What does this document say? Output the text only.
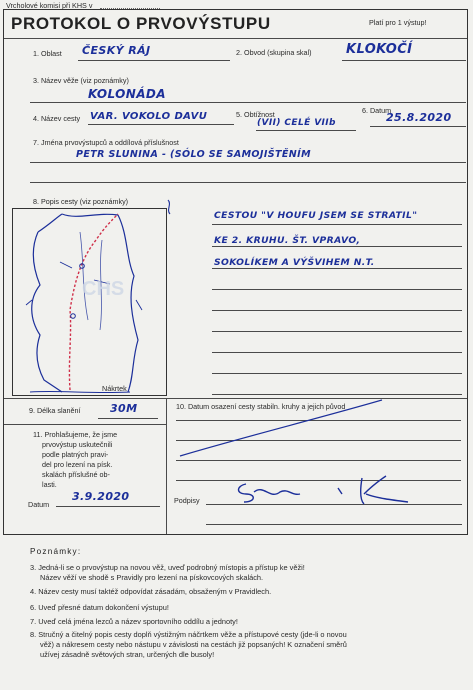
Vrcholové komisi při KHS v
PROTOKOL O PRVOVÝSTUPU	Platí pro 1 výstup!
1. Oblast ČESKÝ RÁJ	2. Obvod (skupina skal)	KLOKOČÍ
3. Název věže (viz poznámky)
KOLONÁDA
4. Název cesty VAR. VOKOLO DAVU	5. Obtížnost
(VII) CELÉ VIIb
6. Datum
25.8.2020
7. Jména prvovýstupců a oddílová příslušnost
PETR SLUNINA - (SÓLO SE SAMOJIŠTĚNÍM
8. Popis cesty (viz poznámky)
CHS
Nákrtek
CESTOU "V HOUFU JSEM SE STRATIL"
KE 2. KRUHU. ŠT. VPRAVO,
SOKOLÍKEM A VÝŠVIHEM N.T.
9. Délka slanění	30M	10. Datum osazení cesty stabiln. kruhy a jejich původ
11. Prohlašujeme, že jsme
prvovýstup uskutečnili
podle platných pravi-
del pro lezení na písk.
skalách příslušné ob-
lasti.
Datum
3.9.2020	Podpisy
Poznámky:
3. Jedná-li se o prvovýstup na novou věž, uveď podrobný místopis a přístup ke věži!
Název věží ve shodě s Pravidly pro lezení na pískovcových skalách.
4. Název cesty musí taktéž odpovídat zásadám, obsaženým v Pravidlech.
6. Uveď přesné datum dokončení výstupu!
7. Uveď celá jména lezců a název sportovního oddílu a jednoty!
8. Stručný a čitelný popis cesty doplň výstižným náčrtkem věže a přístupové cesty (jde-li o novou
věž) a nákresem cesty nebo nástupu v závislosti na cestách již popsaných! K označení směrů
užívej zásadně světových stran, určených dle busoly!
